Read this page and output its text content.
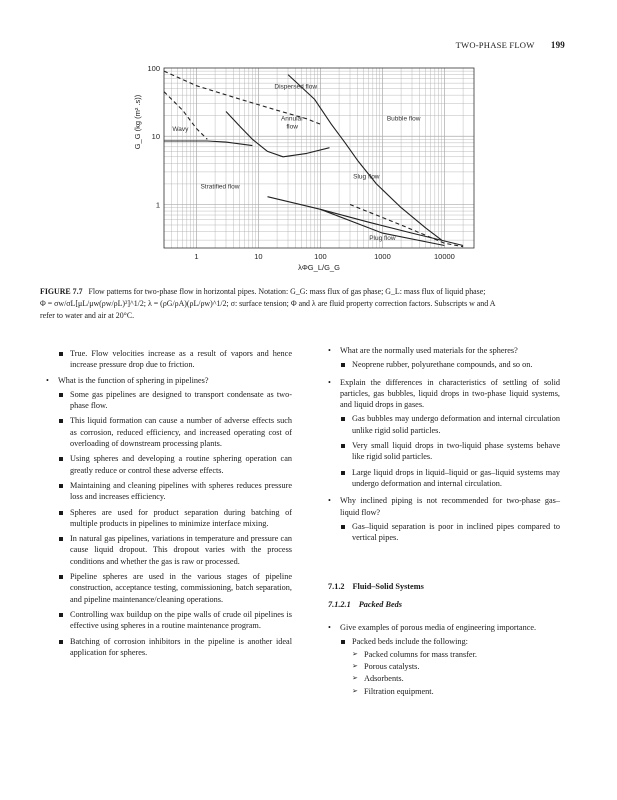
TWO-PHASE FLOW 199
1	10	100	1000	10000
1
10
100
λΦG_L/G_G
G_G (kg (m² .s))
Dispersed flow
Annular
flow
Bubble flow
Wavy
Slug flow
Stratified flow
Plug flow
FIGURE 7.7 Flow patterns for two-phase flow in horizontal pipes. Notation: G_G: mass flux of gas phase; G_L: mass flux of liquid phase;
Φ = σw/σL[μL/μw(ρw/ρL)²]^1/2; λ = (ρG/ρA)(ρL/ρw)^1/2; σ: surface tension; Φ and λ are fluid property correction factors. Subscripts w and A
refer to water and air at 20°C.
True. Flow velocities increase as a result of vapors and hence increase pressure drop due to friction.
• What is the function of sphering in pipelines?
Some gas pipelines are designed to transport condensate as two-phase flow.
This liquid formation can cause a number of adverse effects such as corrosion, reduced efficiency, and increased operating cost of overloading of downstream processing plants.
Using spheres and developing a routine sphering operation can greatly reduce or control these adverse effects.
Maintaining and cleaning pipelines with spheres reduces pressure loss and increases efficiency.
Spheres are used for product separation during batching of multiple products in pipelines to minimize interface mixing.
In natural gas pipelines, variations in temperature and pressure can cause liquid dropout. This dropout varies with the process conditions and whether the gas is raw or processed.
Pipeline spheres are used in the various stages of pipeline construction, acceptance testing, commissioning, batch separation, and pipeline maintenance/cleaning operations.
Controlling wax buildup on the pipe walls of crude oil pipelines is effective using spheres in a routine maintenance program.
Batching of corrosion inhibitors in the pipeline is another ideal application for spheres.
• What are the normally used materials for the spheres?
Neoprene rubber, polyurethane compounds, and so on.
• Explain the differences in characteristics of settling of solid particles, gas bubbles, liquid drops in two-phase liquid systems, and liquid drops in gases.
Gas bubbles may undergo deformation and internal circulation unlike rigid solid particles.
Very small liquid drops in two-liquid phase systems behave like rigid solid particles.
Large liquid drops in liquid–liquid or gas–liquid systems may undergo deformation and internal circulation.
• Why inclined piping is not recommended for two-phase gas–liquid flow?
Gas–liquid separation is poor in inclined pipes compared to vertical pipes.
7.1.2 Fluid–Solid Systems
7.1.2.1 Packed Beds
• Give examples of porous media of engineering importance.
Packed beds include the following:
➢ Packed columns for mass transfer.
➢ Porous catalysts.
➢ Adsorbents.
➢ Filtration equipment.
